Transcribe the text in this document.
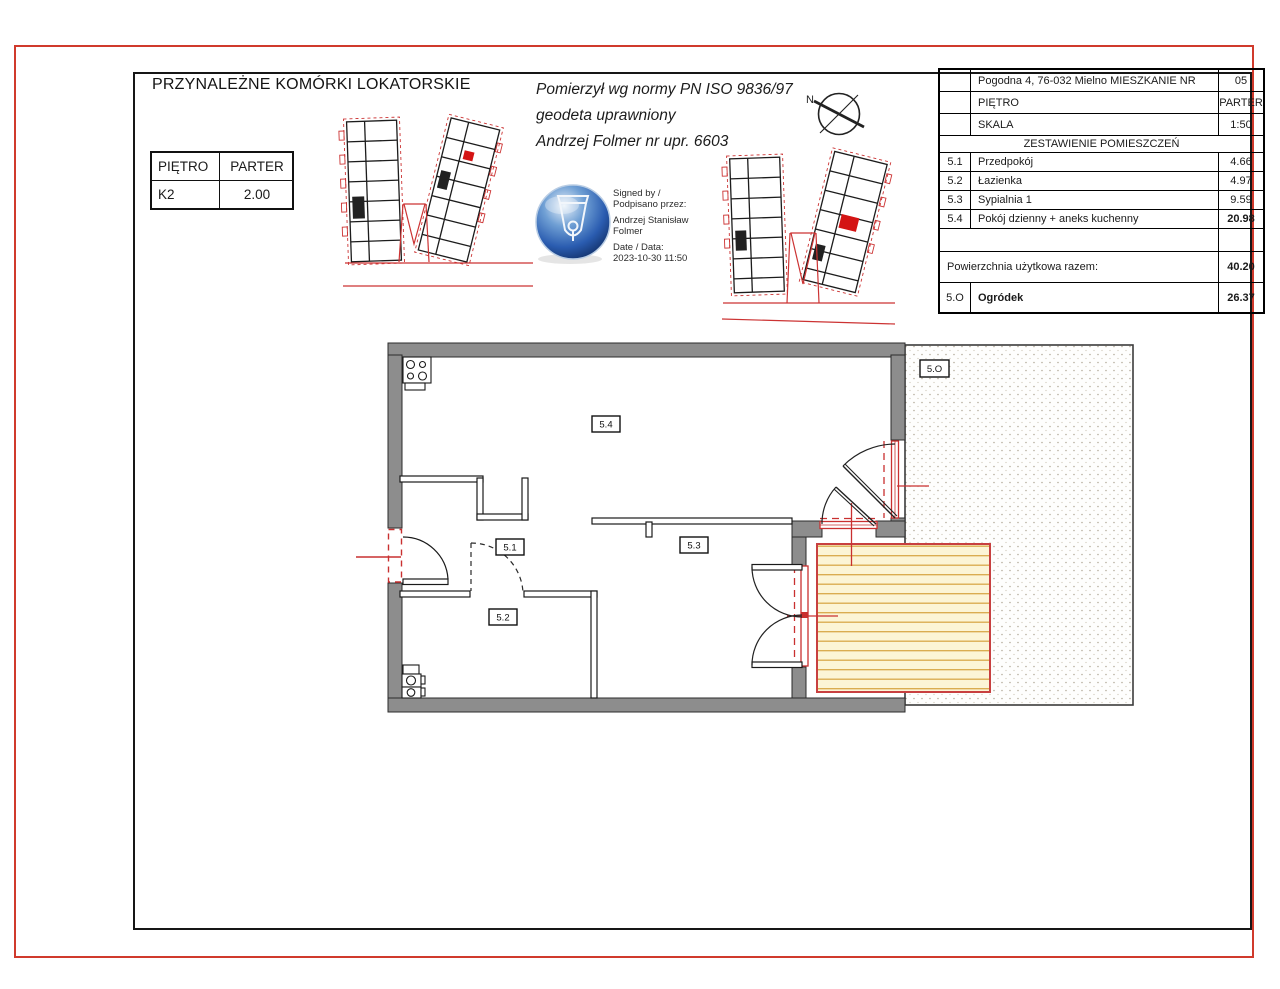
PRZYNALEŻNE KOMÓRKI LOKATORSKIE
PIĘTRO	PARTER
K2	2.00
Pomierzył wg normy PN ISO 9836/97
geodeta uprawniony
Andrzej Folmer nr upr. 6603
Signed by /
Podpisano przez:
Andrzej Stanisław
Folmer
Date / Data:
2023-10-30 11:50
	Pogodna 4, 76-032 Mielno MIESZKANIE NR	05
	PIĘTRO	PARTER
	SKALA	1:50
ZESTAWIENIE POMIESZCZEŃ		
5.1	Przedpokój	4.66
5.2	Łazienka	4.97
5.3	Sypialnia 1	9.59
5.4	Pokój dzienny + aneks kuchenny	20.98

Powierzchnia użytkowa razem:		40.20
5.O	Ogródek	26.37
N
5.4
5.1
5.2
5.3
5.O
